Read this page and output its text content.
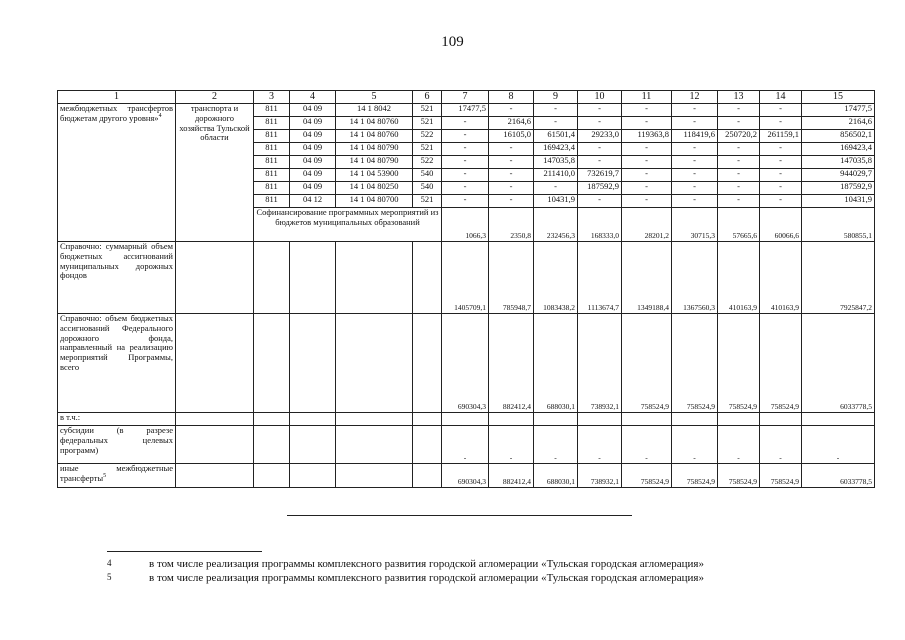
109
1	2	3	4	5	6	7	8	9	10	11	12	13	14	15
межбюджетных трансфертов бюджетам другого уровня»$^4$	транспорта и дорожного хозяйства Тульской области	811	04 09	14 1 8042	521	17477,5	-	-	-	-	-	-	-	17477,5
		811	04 09	14 1 04 80760	521	-	2164,6	-	-	-	-	-	-	2164,6
		811	04 09	14 1 04 80760	522	-	16105,0	61501,4	29233,0	119363,8	118419,6	250720,2	261159,1	856502,1
		811	04 09	14 1 04 80790	521	-	-	169423,4	-	-	-	-	-	169423,4
		811	04 09	14 1 04 80790	522	-	-	147035,8	-	-	-	-	-	147035,8
		811	04 09	14 1 04 53900	540	-	-	211410,0	732619,7	-	-	-	-	944029,7
		811	04 09	14 1 04 80250	540	-	-	-	187592,9	-	-	-	-	187592,9
		811	04 12	14 1 04 80700	521	-	-	10431,9	-	-	-	-	-	10431,9
		Софинансирование программных мероприятий из бюджетов муниципальных образований				1066,3	2350,8	232456,3	168333,0	28201,2	30715,3	57665,6	60066,6	580855,1
Справочно: суммарный объем бюджетных ассигнований муниципальных дорожных фондов						1405709,1	785948,7	1083438,2	1113674,7	1349188,4	1367560,3	410163,9	410163,9	7925847,2
Справочно: объем бюджетных ассигнований Федерального дорожного фонда, направленный на реализацию мероприятий Программы, всего						690304,3	882412,4	688030,1	738932,1	758524,9	758524,9	758524,9	758524,9	6033778,5
в т.ч.:														
субсидии (в разрезе федеральных целевых программ)						-	-	-	-	-	-	-	-	-
иные межбюджетные трансферты$^5$						690304,3	882412,4	688030,1	738932,1	758524,9	758524,9	758524,9	758524,9	6033778,5
4	в том числе реализация программы комплексного развития городской агломерации «Тульская городская агломерация»
5	в том числе реализация программы комплексного развития городской агломерации «Тульская городская агломерация»
